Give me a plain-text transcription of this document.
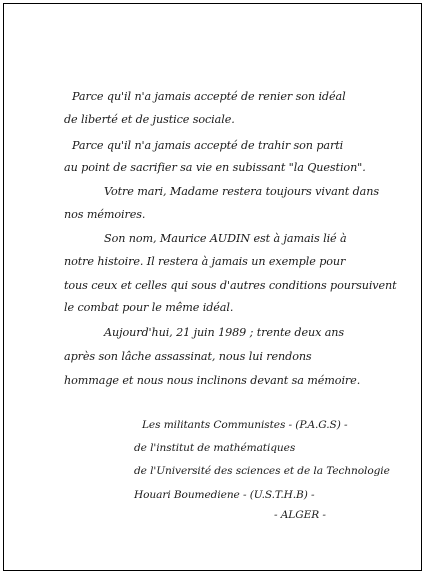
Parce qu'il n'a jamais accepté de renier son idéal
de liberté et de justice sociale.
Parce qu'il n'a jamais accepté de trahir son parti
au point de sacrifier sa vie en subissant "la Question".
Votre mari, Madame restera toujours vivant dans
nos mémoires.
Son nom, Maurice AUDIN est à jamais lié à
notre histoire. Il restera à jamais un exemple pour
tous ceux et celles qui sous d'autres conditions poursuivent
le combat pour le même idéal.
Aujourd'hui, 21 juin 1989 ; trente deux ans
après son lâche assassinat, nous lui rendons
hommage et nous nous inclinons devant sa mémoire.
Les militants Communistes - (P.A.G.S) -
de l'institut de mathématiques
de l'Université des sciences et de la Technologie
Houari Boumediene - (U.S.T.H.B) -
- ALGER -
